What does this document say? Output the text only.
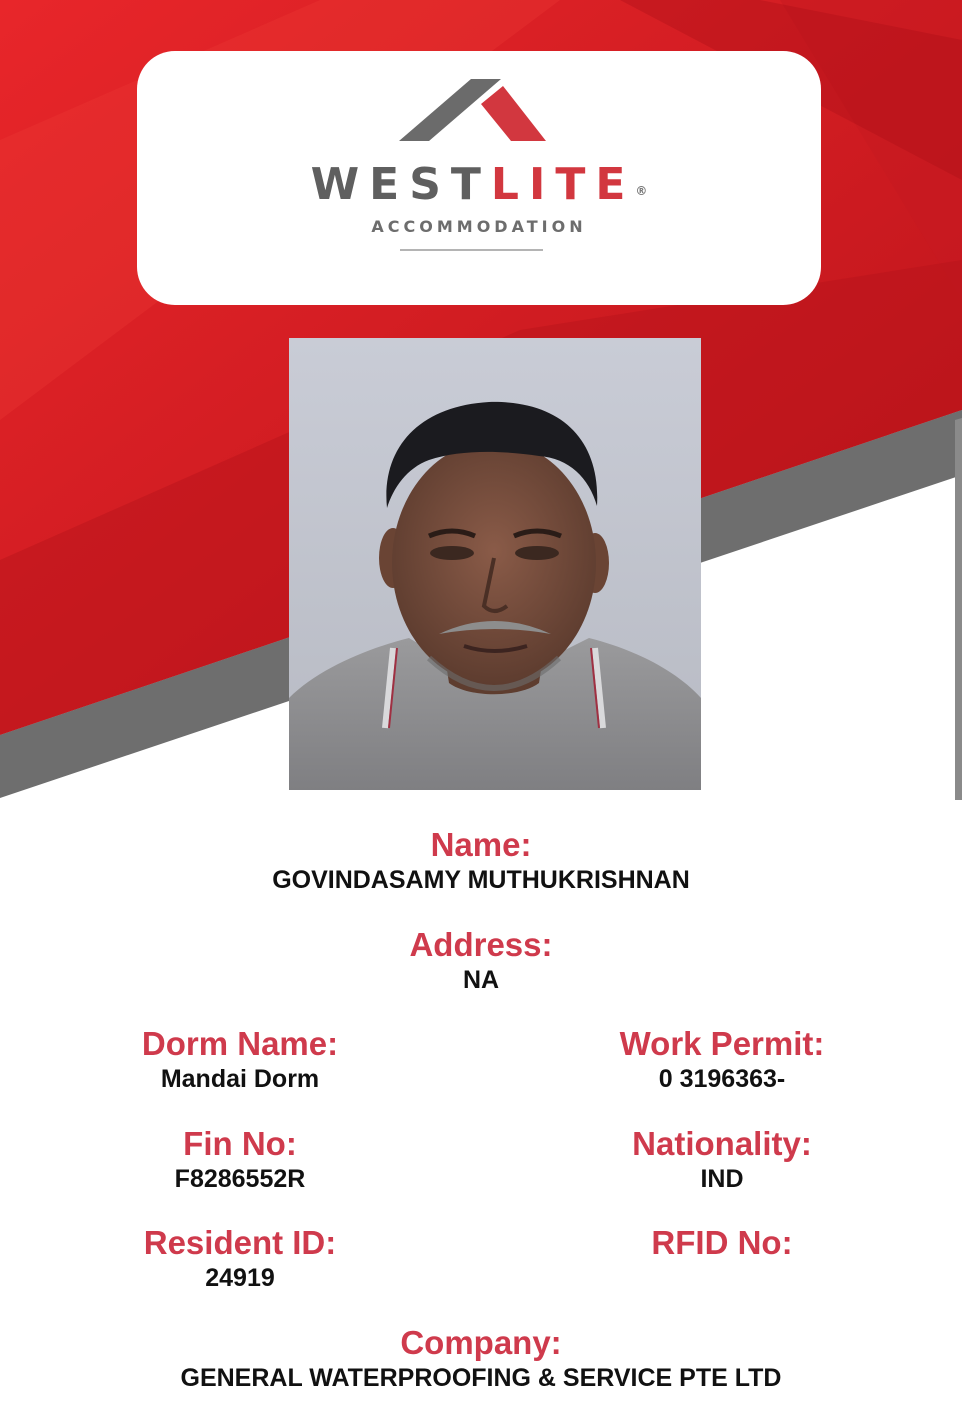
WESTLITE®
ACCOMMODATION
Name:
GOVINDASAMY MUTHUKRISHNAN
Address:
NA
Dorm Name:
Mandai Dorm
Work Permit:
0 3196363-
Fin No:
F8286552R
Nationality:
IND
Resident ID:
24919
RFID No:
Company:
GENERAL WATERPROOFING & SERVICE PTE LTD
